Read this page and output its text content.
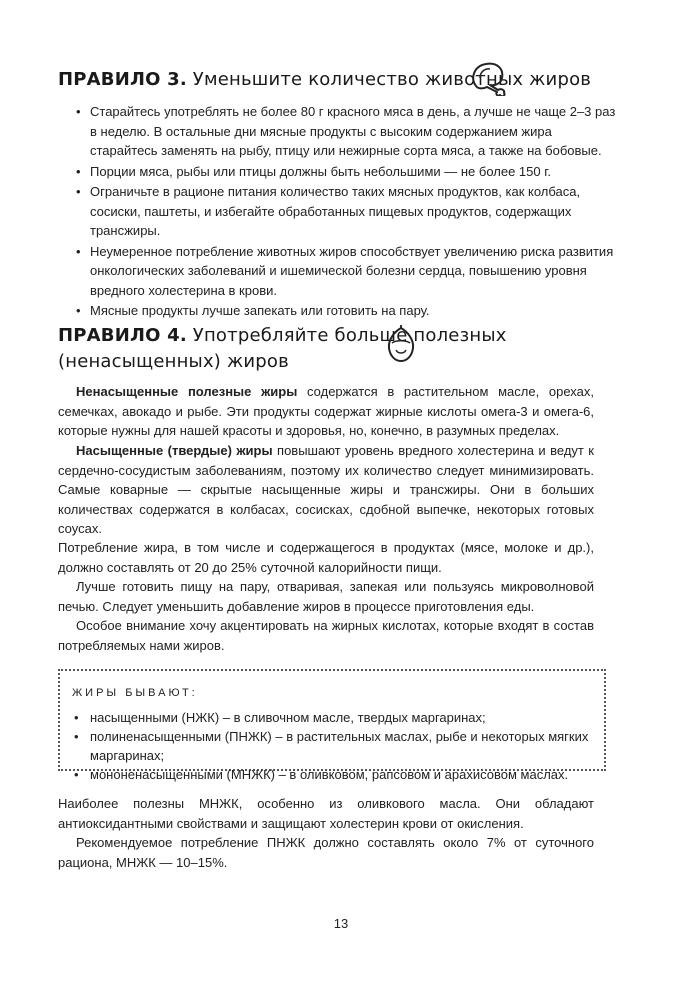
ПРАВИЛО 3. Уменьшите количество животных жиров
• Старайтесь употреблять не более 80 г красного мяса в день, а лучше не чаще 2–3 раз в неделю. В остальные дни мясные продукты с высоким содержанием жира старайтесь заменять на рыбу, птицу или нежирные сорта мяса, а также на бобовые.
• Порции мяса, рыбы или птицы должны быть небольшими — не более 150 г.
• Ограничьте в рационе питания количество таких мясных продуктов, как колбаса, сосиски, паштеты, и избегайте обработанных пищевых продуктов, содержащих трансжиры.
• Неумеренное потребление животных жиров способствует увеличению риска развития онкологических заболеваний и ишемической болезни сердца, повышению уровня вредного холестерина в крови.
• Мясные продукты лучше запекать или готовить на пару.
ПРАВИЛО 4. Употребляйте больше полезных
(ненасыщенных) жиров

Ненасыщенные полезные жиры содержатся в растительном масле, орехах, семечках, авокадо и рыбе. Эти продукты содержат жирные кислоты омега-3 и омега-6, которые нужны для нашей красоты и здоровья, но, конечно, в разумных пределах.

Насыщенные (твердые) жиры повышают уровень вредного холестерина и ведут к сердечно-сосудистым заболеваниям, поэтому их количество следует минимизировать. Самые коварные — скрытые насыщенные жиры и трансжиры. Они в больших количествах содержатся в колбасах, сосисках, сдобной выпечке, некоторых готовых соусах.

Потребление жира, в том числе и содержащегося в продуктах (мясе, молоке и др.), должно составлять от 20 до 25% суточной калорийности пищи.

Лучше готовить пищу на пару, отваривая, запекая или пользуясь микроволновой печью. Следует уменьшить добавление жиров в процессе приготовления еды.

Особое внимание хочу акцентировать на жирных кислотах, которые входят в состав потребляемых нами жиров.

ЖИРЫ БЫВАЮТ:
• насыщенными (НЖК) – в сливочном масле, твердых маргаринах;
• полиненасыщенными (ПНЖК) – в растительных маслах, рыбе и некоторых мягких маргаринах;
• мононенасыщенными (МНЖК) – в оливковом, рапсовом и арахисовом маслах.

Наиболее полезны МНЖК, особенно из оливкового масла. Они обладают антиоксидантными свойствами и защищают холестерин крови от окисления.

Рекомендуемое потребление ПНЖК должно составлять около 7% от суточного рациона, МНЖК — 10–15%.

13
